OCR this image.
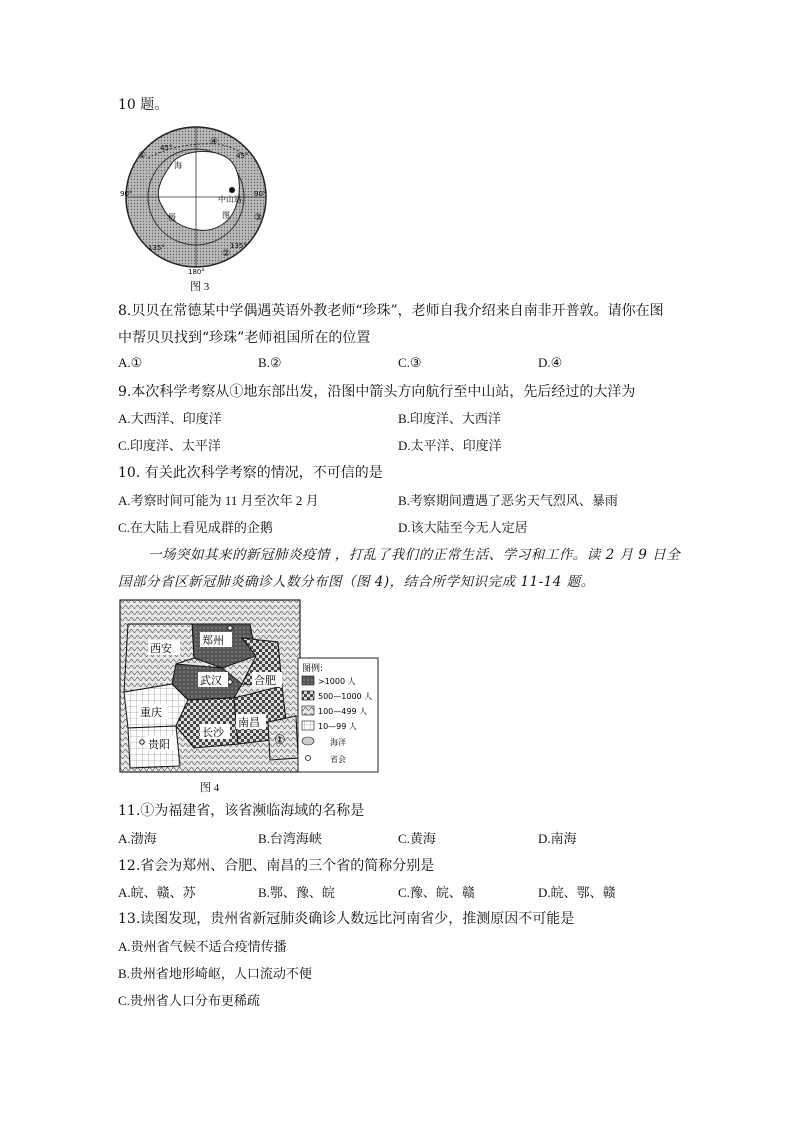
10 题。
①
④
③
②
45°
45°
90°	90°
135°	135°
180°
海
极
中山站
图
图 3
8.贝贝在常德某中学偶遇英语外教老师“珍珠”，老师自我介绍来自南非开普敦。请你在图
中帮贝贝找到“珍珠”老师祖国所在的位置
A.①	B.②	C.③	D.④
9.本次科学考察从①地东部出发，沿图中箭头方向航行至中山站，先后经过的大洋为
A.大西洋、印度洋	B.印度洋、大西洋
C.印度洋、太平洋	D.太平洋、印度洋
10. 有关此次科学考察的情况，不可信的是
A.考察时间可能为 11 月至次年 2 月	B.考察期间遭遇了恶劣天气烈风、暴雨
C.在大陆上看见成群的企鹅	D.该大陆至今无人定居
一场突如其来的新冠肺炎疫情 ，打乱了我们的正常生活、学习和工作。读 2 月 9 日全
国部分省区新冠肺炎确诊人数分布图（图 4)，结合所学知识完成 11-14 题。
郑州
西安
武汉	合肥
重庆
南昌
长沙
贵阳	①
图例:
>1000 人
500—1000 人
100—499 人
10—99 人
海洋
省会
图 4
11.①为福建省，该省濒临海域的名称是
A.渤海	B.台湾海峡	C.黄海	D.南海
12.省会为郑州、合肥、南昌的三个省的简称分别是
A.皖、赣、苏	B.鄂、豫、皖	C.豫、皖、赣	D.皖、鄂、赣
13.读图发现，贵州省新冠肺炎确诊人数远比河南省少，推测原因不可能是
A.贵州省气候不适合疫情传播
B.贵州省地形崎岖，人口流动不便
C.贵州省人口分布更稀疏
